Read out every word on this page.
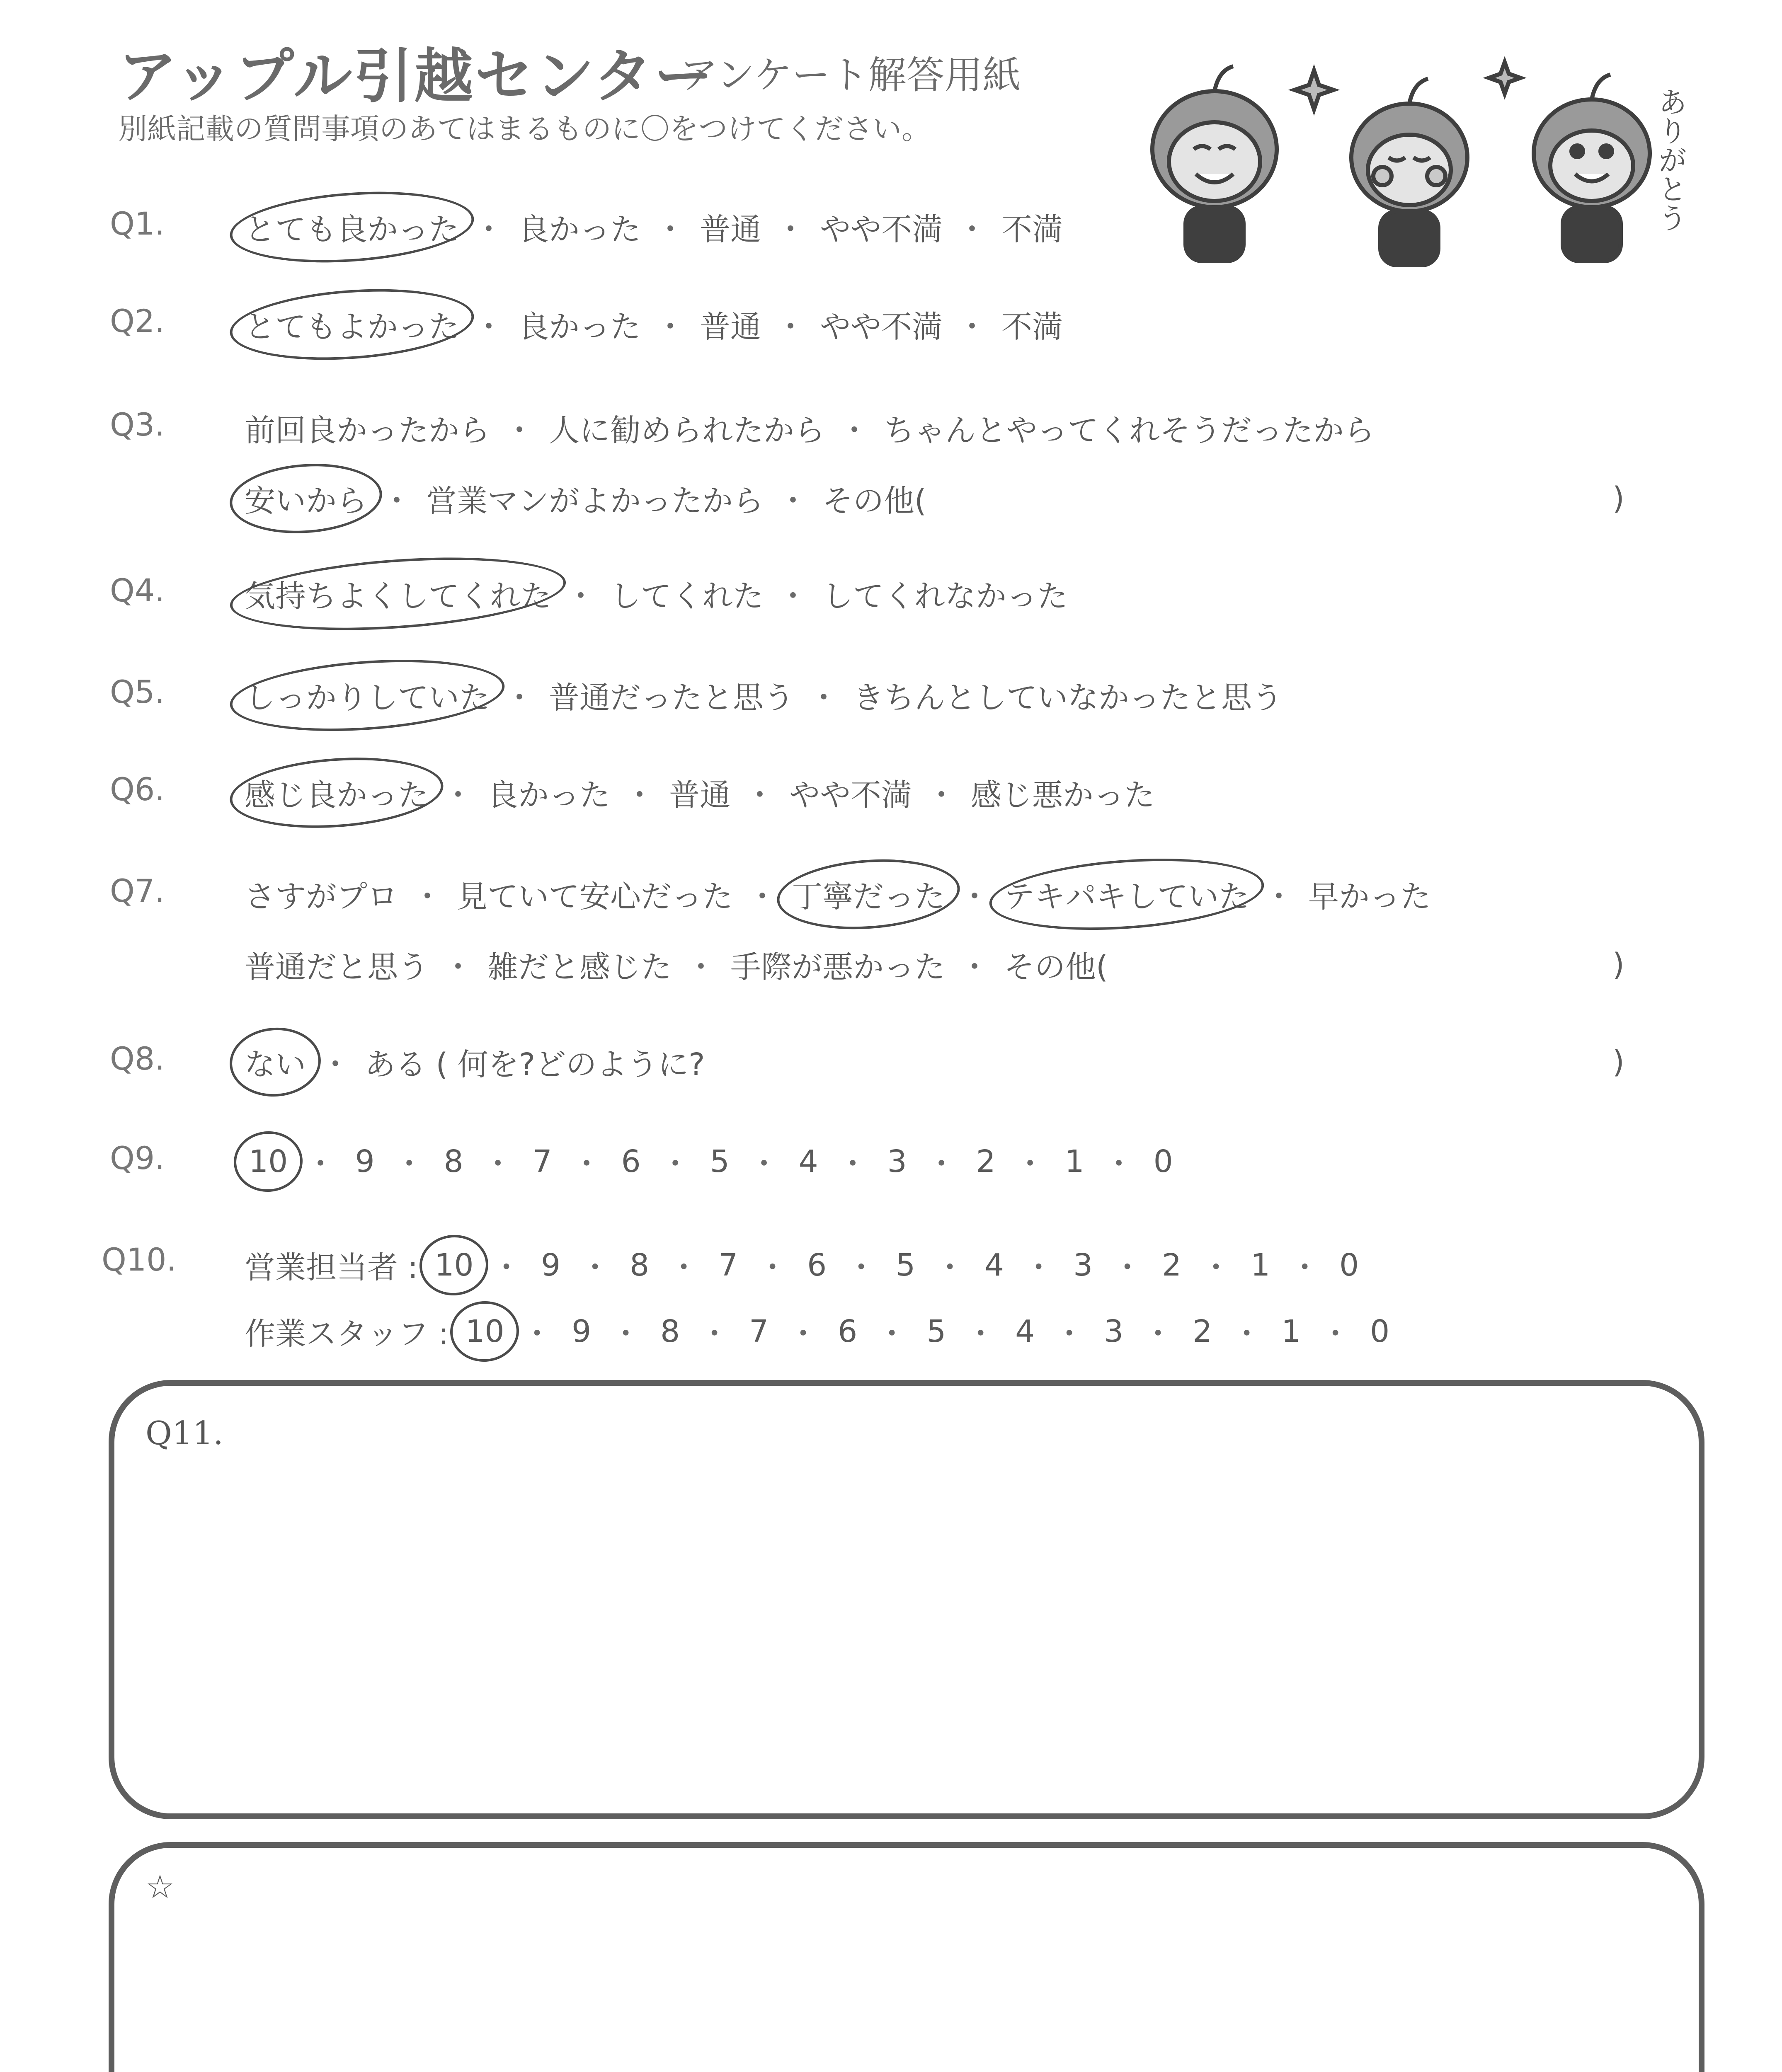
アップル引越センター
アンケート解答用紙
別紙記載の質問事項のあてはまるものに〇をつけてください。	ありがとう
Q1.	とても良かった ・ 良かった ・ 普通 ・ やや不満 ・ 不満
Q2.	とてもよかった ・ 良かった ・ 普通 ・ やや不満 ・ 不満
Q3.	前回良かったから ・ 人に勧められたから ・ ちゃんとやってくれそうだったから
安いから ・ 営業マンがよかったから ・ その他(	)
Q4.	気持ちよくしてくれた ・ してくれた ・ してくれなかった
Q5.	しっかりしていた ・ 普通だったと思う ・ きちんとしていなかったと思う
Q6.	感じ良かった ・ 良かった ・ 普通 ・ やや不満 ・ 感じ悪かった
Q7.	さすがプロ ・ 見ていて安心だった ・ 丁寧だった ・ テキパキしていた ・ 早かった
普通だと思う ・ 雑だと感じた ・ 手際が悪かった ・ その他(	)
Q8.	ない ・ ある ( 何を?どのように?	)
Q9.	10 ・ 9 ・ 8 ・ 7 ・ 6 ・ 5 ・ 4 ・ 3 ・ 2 ・ 1 ・ 0
Q10. 営業担当者 : 10 ・ 9 ・ 8 ・ 7 ・ 6 ・ 5 ・ 4 ・ 3 ・ 2 ・ 1 ・ 0
作業スタッフ : 10 ・ 9 ・ 8 ・ 7 ・ 6 ・ 5 ・ 4 ・ 3 ・ 2 ・ 1 ・ 0
Q11.
☆
